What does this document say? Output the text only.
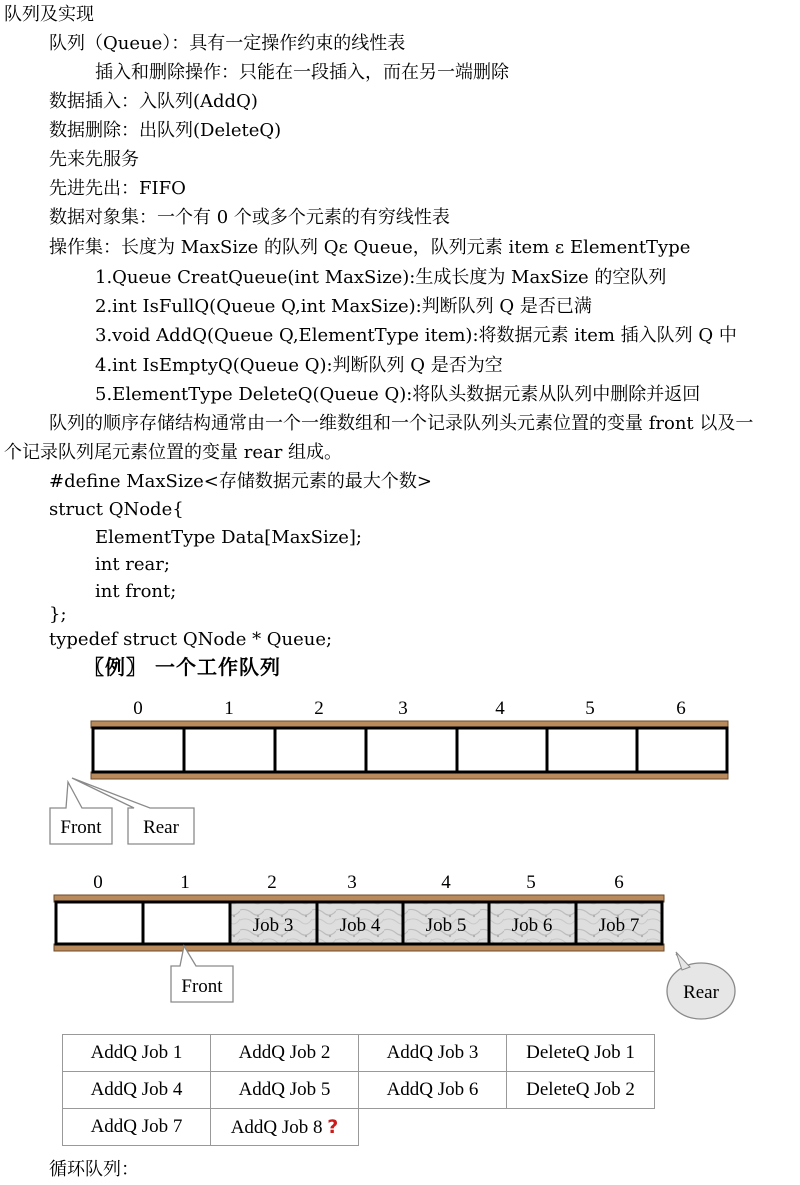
队列及实现
队列（Queue）：具有一定操作约束的线性表
插入和删除操作：只能在一段插入，而在另一端删除
数据插入：入队列(AddQ)
数据删除：出队列(DeleteQ)
先来先服务
先进先出：FIFO
数据对象集：一个有 0 个或多个元素的有穷线性表
操作集：长度为 MaxSize 的队列 Qε Queue，队列元素 item ε ElementType
1.Queue CreatQueue(int MaxSize):生成长度为 MaxSize 的空队列
2.int IsFullQ(Queue Q,int MaxSize):判断队列 Q 是否已满
3.void AddQ(Queue Q,ElementType item):将数据元素 item 插入队列 Q 中
4.int IsEmptyQ(Queue Q):判断队列 Q 是否为空
5.ElementType DeleteQ(Queue Q):将队头数据元素从队列中删除并返回
队列的顺序存储结构通常由一个一维数组和一个记录队列头元素位置的变量 front 以及一
个记录队列尾元素位置的变量 rear 组成。
#define MaxSize<存储数据元素的最大个数>
struct QNode{
ElementType Data[MaxSize];
int rear;
int front;
};
typedef struct QNode * Queue;
〖例〗 一个工作队列
0	1	2	3	4	5	6
Front Rear
0	1	2	3	4	5	6
Job 3 Job 4 Job 5 Job 6 Job 7
Front	Rear
AddQ Job 1	AddQ Job 2	AddQ Job 3	DeleteQ Job 1
AddQ Job 4	AddQ Job 5	AddQ Job 6	DeleteQ Job 2
AddQ Job 7	AddQ Job 8 ?		
循环队列：
